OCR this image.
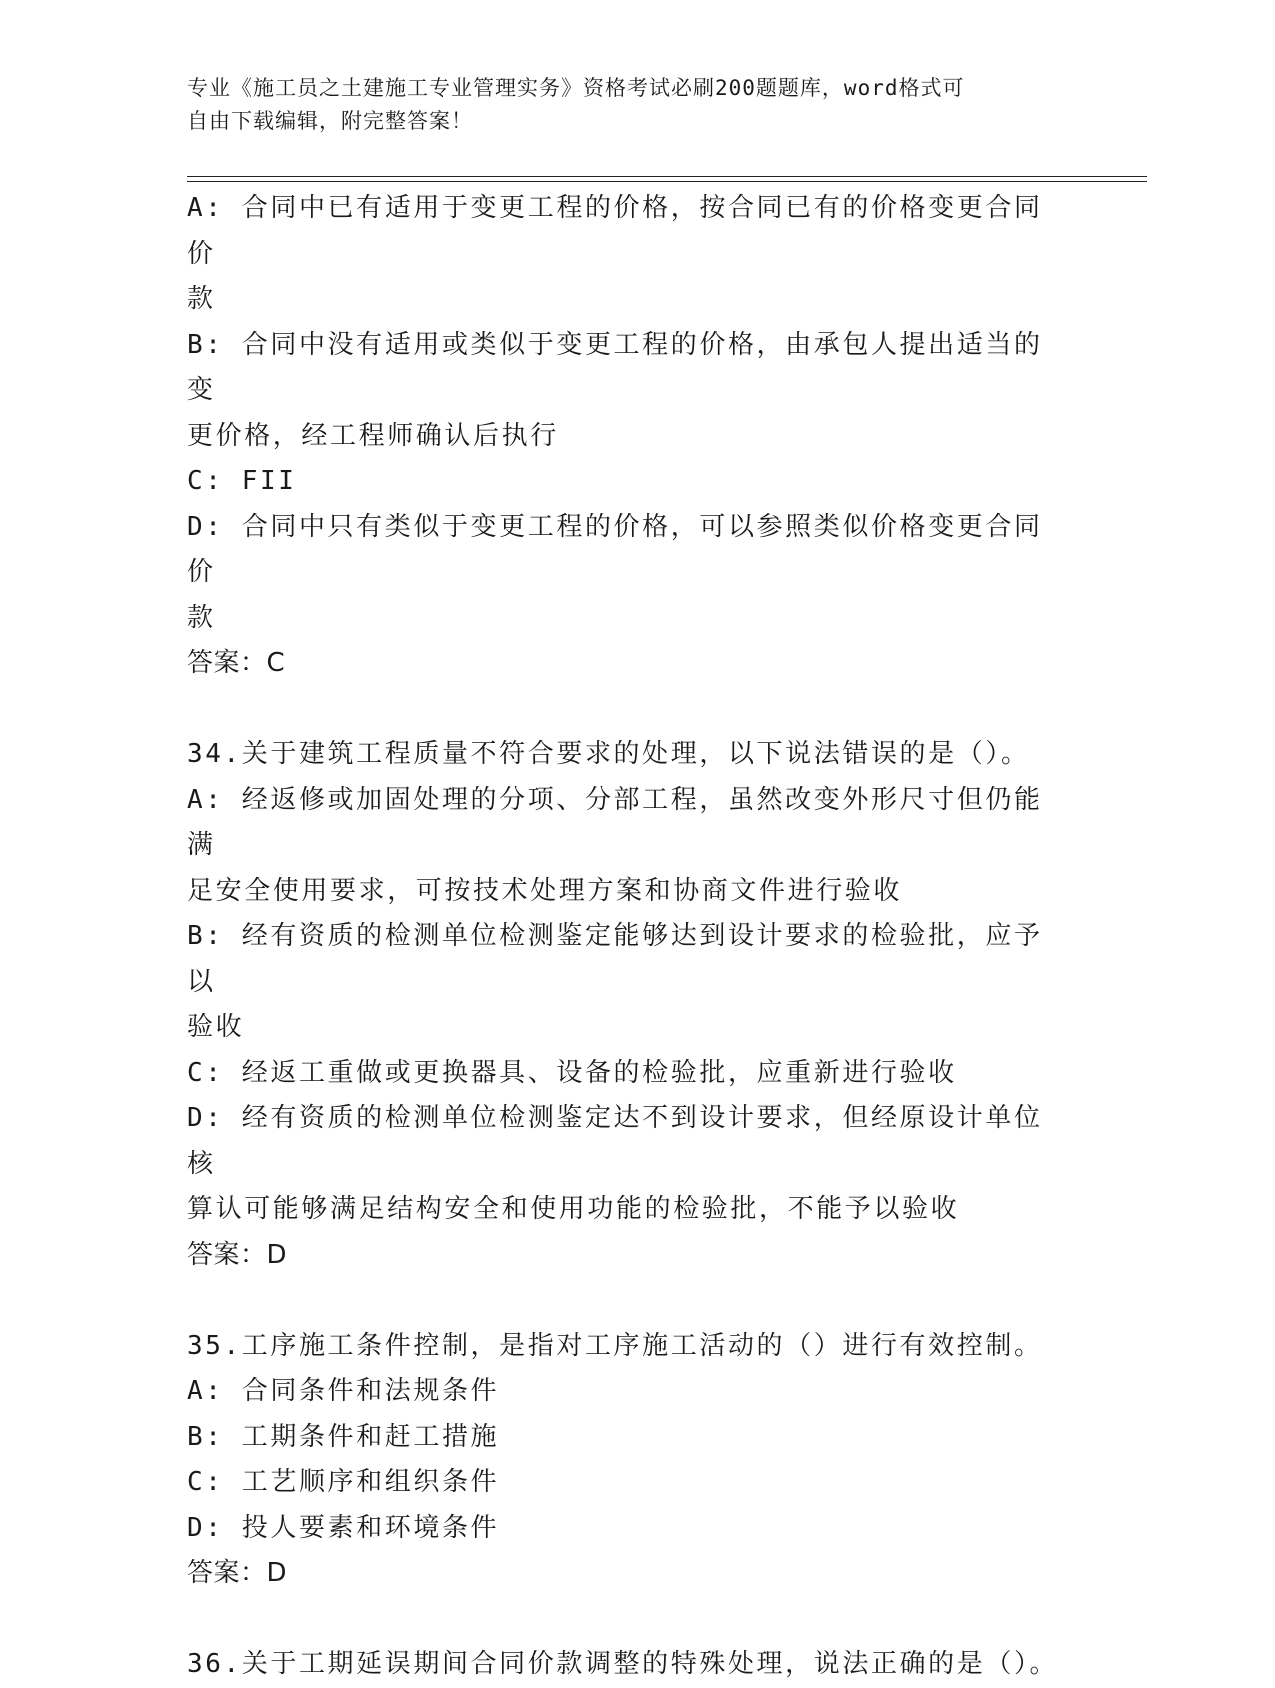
专业《施工员之土建施工专业管理实务》资格考试必刷200题题库，word格式可
自由下载编辑，附完整答案！
A: 合同中已有适用于变更工程的价格，按合同已有的价格变更合同价
款
B: 合同中没有适用或类似于变更工程的价格，由承包人提出适当的变
更价格，经工程师确认后执行
C: FII
D: 合同中只有类似于变更工程的价格，可以参照类似价格变更合同价
款
答案：C
34.关于建筑工程质量不符合要求的处理，以下说法错误的是（）。
A: 经返修或加固处理的分项、分部工程，虽然改变外形尺寸但仍能满
足安全使用要求，可按技术处理方案和协商文件进行验收
B: 经有资质的检测单位检测鉴定能够达到设计要求的检验批，应予以
验收
C: 经返工重做或更换器具、设备的检验批，应重新进行验收
D: 经有资质的检测单位检测鉴定达不到设计要求，但经原设计单位核
算认可能够满足结构安全和使用功能的检验批，不能予以验收
答案：D
35.工序施工条件控制，是指对工序施工活动的（）进行有效控制。
A: 合同条件和法规条件
B: 工期条件和赶工措施
C: 工艺顺序和组织条件
D: 投人要素和环境条件
答案：D
36.关于工期延误期间合同价款调整的特殊处理，说法正确的是（）。
